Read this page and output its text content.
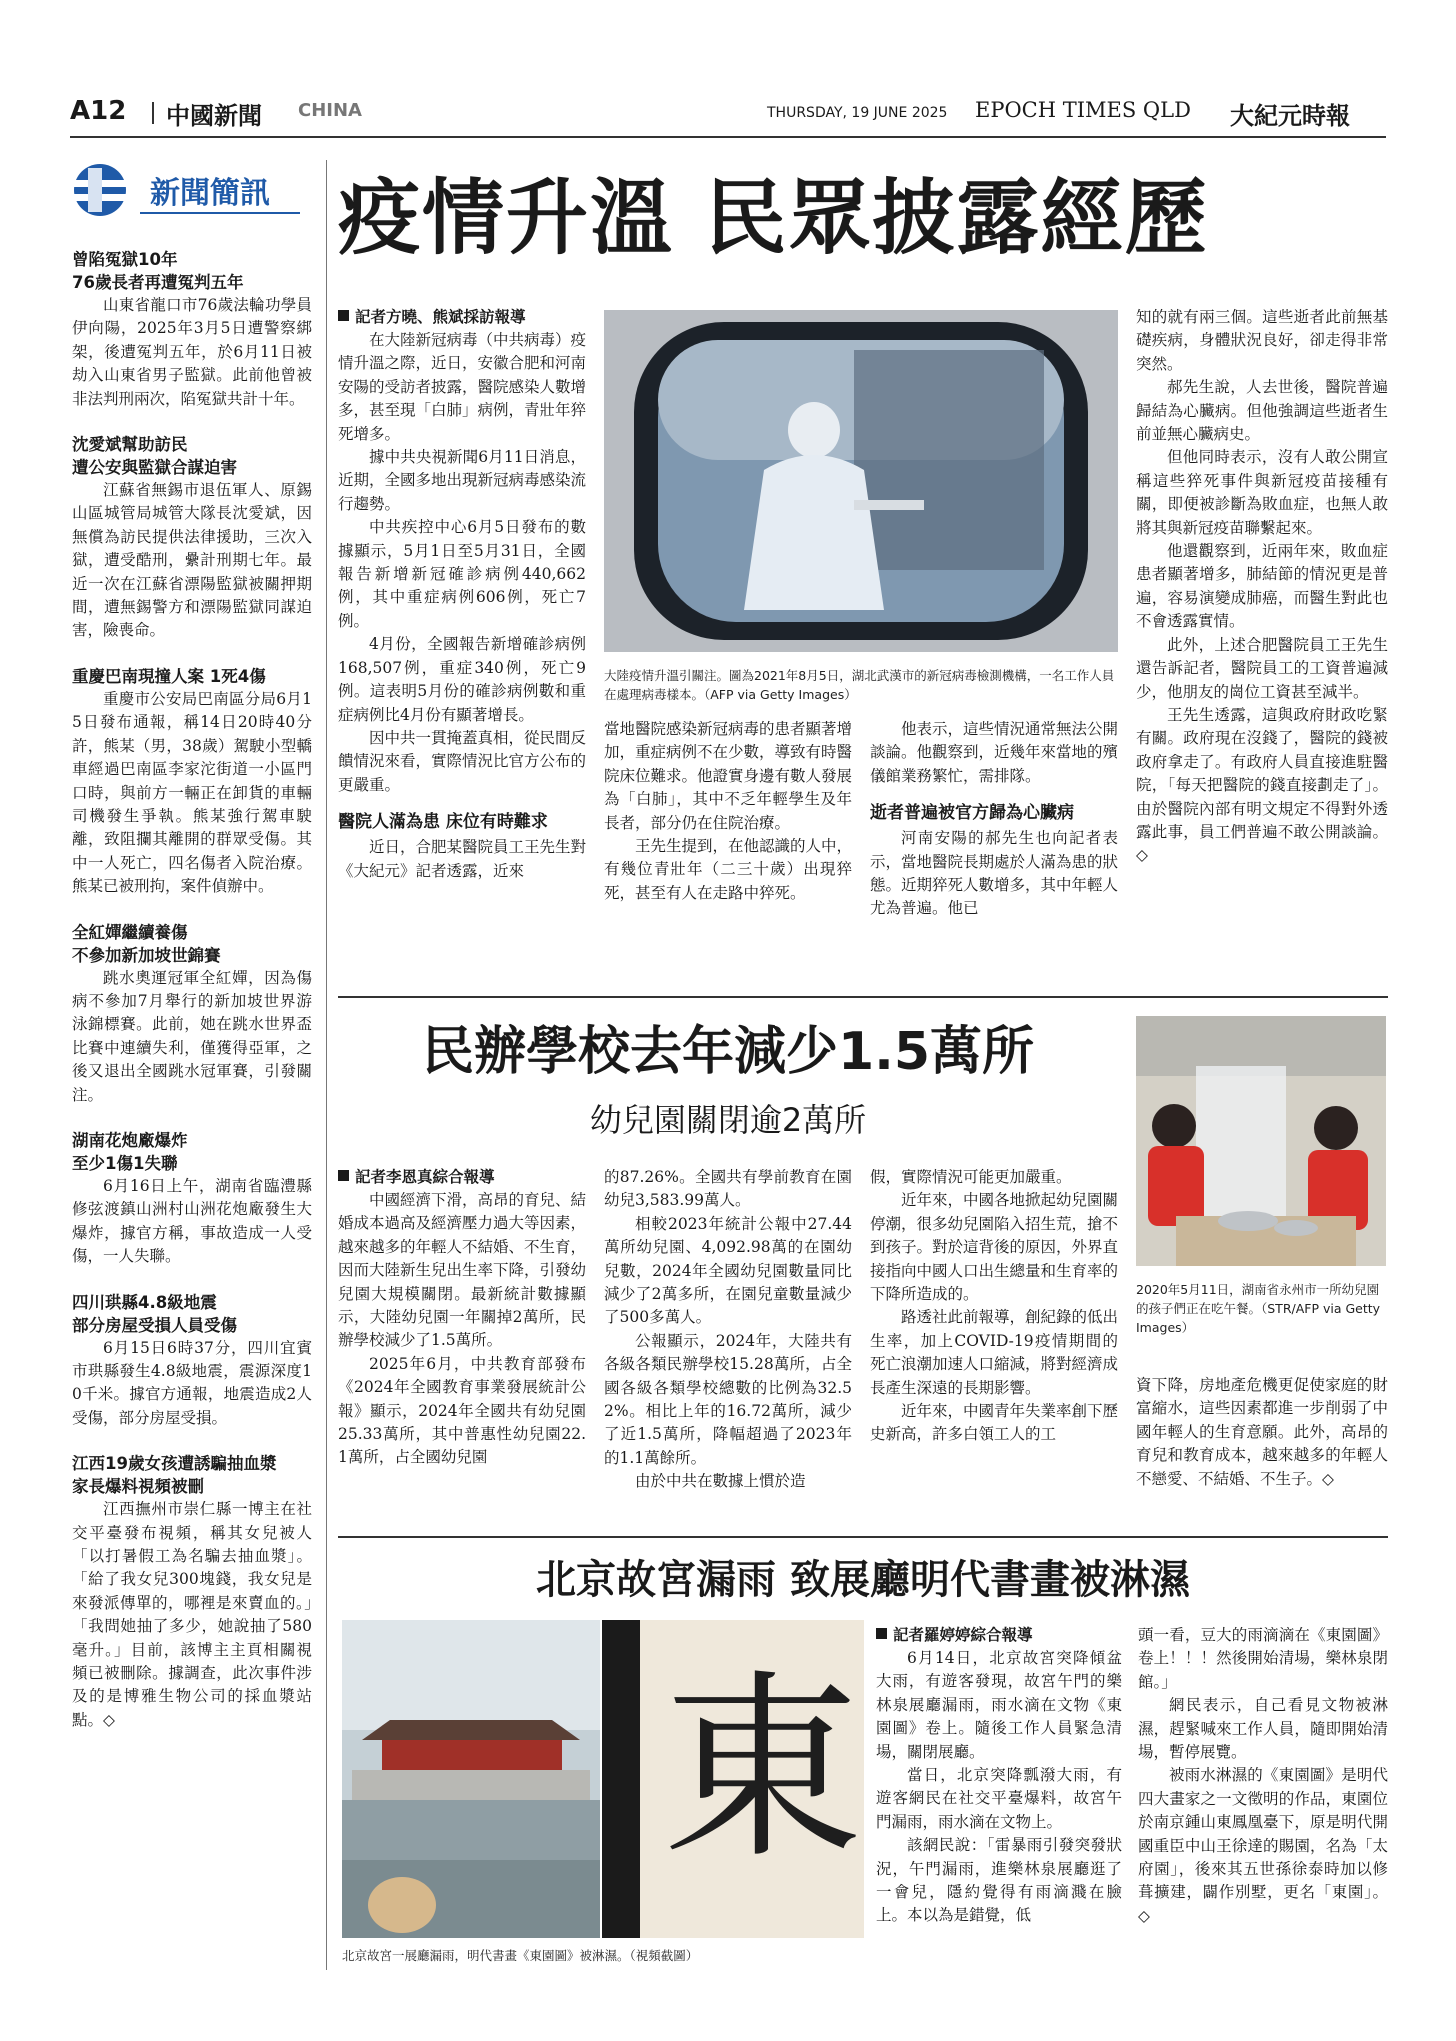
A12 中國新聞 CHINA	THURSDAY, 19 JUNE 2025 EPOCH TIMES QLD 大紀元時報
新聞簡訊

曾陷冤獄10年

76歲長者再遭冤判五年

山東省龍口市76歲法輪功學員伊向陽，2025年3月5日遭警察綁架，後遭冤判五年，於6月11日被劫入山東省男子監獄。此前他曾被非法判刑兩次，陷冤獄共計十年。

沈愛斌幫助訪民

遭公安與監獄合謀迫害

江蘇省無錫市退伍軍人、原錫山區城管局城管大隊長沈愛斌，因無償為訪民提供法律援助，三次入獄，遭受酷刑，纍計刑期七年。最近一次在江蘇省漂陽監獄被關押期間，遭無錫警方和漂陽監獄同謀迫害，險喪命。

重慶巴南現撞人案 1死4傷

重慶市公安局巴南區分局6月15日發布通報，稱14日20時40分許，熊某（男，38歲）駕駛小型轎車經過巴南區李家沱街道一小區門口時，與前方一輛正在卸貨的車輛司機發生爭執。熊某強行駕車駛離，致阻攔其離開的群眾受傷。其中一人死亡，四名傷者入院治療。熊某已被刑拘，案件偵辦中。

全紅嬋繼續養傷

不參加新加坡世錦賽

跳水奧運冠軍全紅嬋，因為傷病不參加7月舉行的新加坡世界游泳錦標賽。此前，她在跳水世界盃比賽中連續失利，僅獲得亞軍，之後又退出全國跳水冠軍賽，引發關注。

湖南花炮廠爆炸

至少1傷1失聯

6月16日上午，湖南省臨澧縣修弦渡鎮山洲村山洲花炮廠發生大爆炸，據官方稱，事故造成一人受傷，一人失聯。

四川珙縣4.8級地震

部分房屋受損人員受傷

6月15日6時37分，四川宜賓市珙縣發生4.8級地震，震源深度10千米。據官方通報，地震造成2人受傷，部分房屋受損。

江西19歲女孩遭誘騙抽血漿

家長爆料視頻被刪

江西撫州市崇仁縣一博主在社交平臺發布視頻，稱其女兒被人「以打暑假工為名騙去抽血漿」。「給了我女兒300塊錢，我女兒是來發派傳單的，哪裡是來賣血的。」「我問她抽了多少，她說抽了580毫升。」目前，該博主主頁相關視頻已被刪除。據調查，此次事件涉及的是博雅生物公司的採血漿站點。◇

疫情升溫 民眾披露經歷
記者方曉、熊斌採訪報導

在大陸新冠病毒（中共病毒）疫情升溫之際，近日，安徽合肥和河南安陽的受訪者披露，醫院感染人數增多，甚至現「白肺」病例，青壯年猝死增多。

據中共央視新聞6月11日消息，近期，全國多地出現新冠病毒感染流行趨勢。

中共疾控中心6月5日發布的數據顯示，5月1日至5月31日，全國報告新增新冠確診病例440,662例，其中重症病例606例，死亡7例。

4月份，全國報告新增確診病例168,507例，重症340例，死亡9例。這表明5月份的確診病例數和重症病例比4月份有顯著增長。

因中共一貫掩蓋真相，從民間反饋情況來看，實際情況比官方公布的更嚴重。

醫院人滿為患 床位有時難求

近日，合肥某醫院員工王先生對《大紀元》記者透露，近來

大陸疫情升溫引關注。圖為2021年8月5日，湖北武漢市的新冠病毒檢測機構，一名工作人員在處理病毒樣本。（AFP via Getty Images）

當地醫院感染新冠病毒的患者顯著增加，重症病例不在少數，導致有時醫院床位難求。他證實身邊有數人發展為「白肺」，其中不乏年輕學生及年長者，部分仍在住院治療。

王先生提到，在他認識的人中，有幾位青壯年（二三十歲）出現猝死，甚至有人在走路中猝死。

他表示，這些情況通常無法公開談論。他觀察到，近幾年來當地的殯儀館業務繁忙，需排隊。

逝者普遍被官方歸為心臟病

河南安陽的郝先生也向記者表示，當地醫院長期處於人滿為患的狀態。近期猝死人數增多，其中年輕人尤為普遍。他已

知的就有兩三個。這些逝者此前無基礎疾病，身體狀況良好，卻走得非常突然。

郝先生說，人去世後，醫院普遍歸結為心臟病。但他強調這些逝者生前並無心臟病史。

但他同時表示，沒有人敢公開宣稱這些猝死事件與新冠疫苗接種有關，即便被診斷為敗血症，也無人敢將其與新冠疫苗聯繫起來。

他還觀察到，近兩年來，敗血症患者顯著增多，肺結節的情況更是普遍，容易演變成肺癌，而醫生對此也不會透露實情。

此外，上述合肥醫院員工王先生還告訴記者，醫院員工的工資普遍減少，他朋友的崗位工資甚至減半。

王先生透露，這與政府財政吃緊有關。政府現在沒錢了，醫院的錢被政府拿走了。有政府人員直接進駐醫院，「每天把醫院的錢直接劃走了」。由於醫院內部有明文規定不得對外透露此事，員工們普遍不敢公開談論。◇

民辦學校去年減少1.5萬所
幼兒園關閉逾2萬所
記者李恩真綜合報導

中國經濟下滑，高昂的育兒、結婚成本過高及經濟壓力過大等因素，越來越多的年輕人不結婚、不生育，因而大陸新生兒出生率下降，引發幼兒園大規模關閉。最新統計數據顯示，大陸幼兒園一年關掉2萬所，民辦學校減少了1.5萬所。

2025年6月，中共教育部發布《2024年全國教育事業發展統計公報》顯示，2024年全國共有幼兒園25.33萬所，其中普惠性幼兒園22.1萬所，占全國幼兒園

的87.26%。全國共有學前教育在園幼兒3,583.99萬人。

相較2023年統計公報中27.44萬所幼兒園、4,092.98萬的在園幼兒數，2024年全國幼兒園數量同比減少了2萬多所，在園兒童數量減少了500多萬人。

公報顯示，2024年，大陸共有各級各類民辦學校15.28萬所，占全國各級各類學校總數的比例為32.52%。相比上年的16.72萬所，減少了近1.5萬所，降幅超過了2023年的1.1萬餘所。

由於中共在數據上慣於造

假，實際情況可能更加嚴重。

近年來，中國各地掀起幼兒園關停潮，很多幼兒園陷入招生荒，搶不到孩子。對於這背後的原因，外界直接指向中國人口出生總量和生育率的下降所造成的。

路透社此前報導，創紀錄的低出生率，加上COVID-19疫情期間的死亡浪潮加速人口縮減，將對經濟成長產生深遠的長期影響。

近年來，中國青年失業率創下歷史新高，許多白領工人的工

2020年5月11日，湖南省永州市一所幼兒園的孩子們正在吃午餐。（STR/AFP via Getty Images）

資下降，房地產危機更促使家庭的財富縮水，這些因素都進一步削弱了中國年輕人的生育意願。此外，高昂的育兒和教育成本，越來越多的年輕人不戀愛、不結婚、不生子。◇

北京故宮漏雨 致展廳明代書畫被淋濕
東
北京故宮一展廳漏雨，明代書畫《東園圖》被淋濕。（視頻截圖）
記者羅婷婷綜合報導

6月14日，北京故宮突降傾盆大雨，有遊客發現，故宮午門的樂林泉展廳漏雨，雨水滴在文物《東園圖》卷上。隨後工作人員緊急清場，關閉展廳。

當日，北京突降瓢潑大雨，有遊客網民在社交平臺爆料，故宮午門漏雨，雨水滴在文物上。

該網民說：「雷暴雨引發突發狀況，午門漏雨，進樂林泉展廳逛了一會兒，隱約覺得有雨滴濺在臉上。本以為是錯覺，低

頭一看，豆大的雨滴滴在《東園圖》卷上！！！然後開始清場，樂林泉閉館。」

網民表示，自己看見文物被淋濕，趕緊喊來工作人員，隨即開始清場，暫停展覽。

被雨水淋濕的《東園圖》是明代四大畫家之一文徵明的作品，東園位於南京鍾山東鳳凰臺下，原是明代開國重臣中山王徐達的賜園，名為「太府園」，後來其五世孫徐泰時加以修葺擴建，闢作別墅，更名「東園」。◇
